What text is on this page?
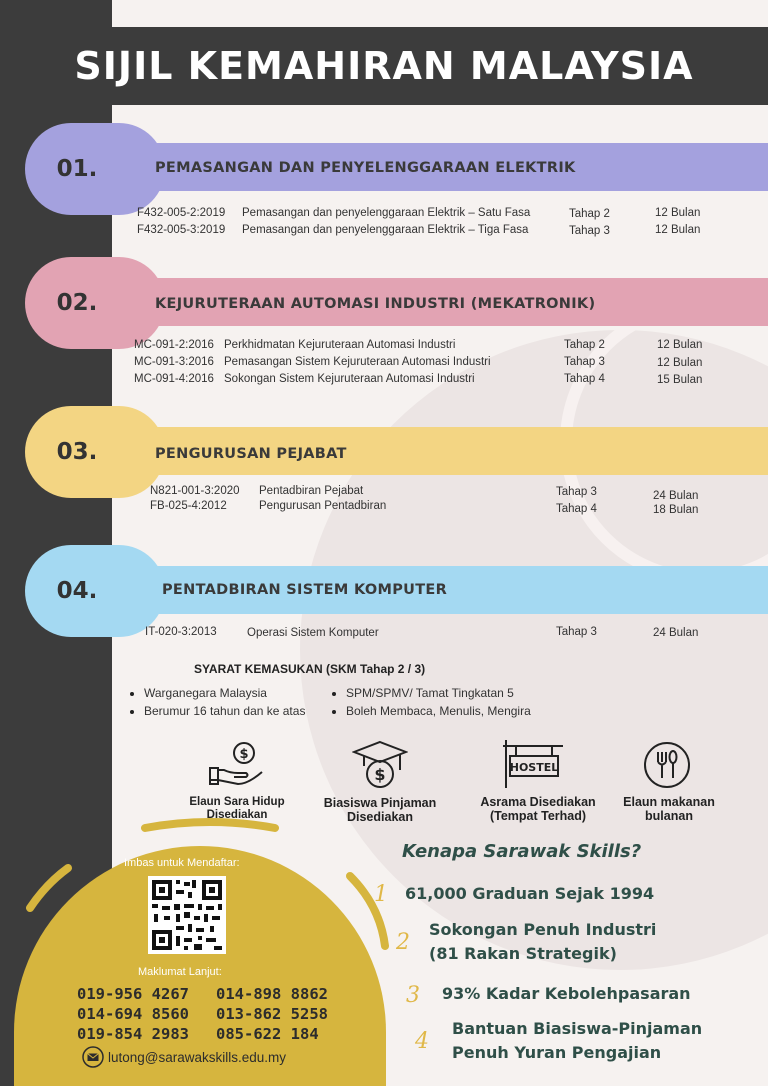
SIJIL KEMAHIRAN MALAYSIA
01.	PEMASANGAN DAN PENYELENGGARAAN ELEKTRIK
F432-005-2:2019 Pemasangan dan penyelenggaraan Elektrik – Satu Fasa	Tahap 2	12 Bulan
F432-005-3:2019 Pemasangan dan penyelenggaraan Elektrik – Tiga Fasa	Tahap 3	12 Bulan
02.	KEJURUTERAAN AUTOMASI INDUSTRI (MEKATRONIK)
MC-091-2:2016 Perkhidmatan Kejuruteraan Automasi Industri	Tahap 2	12 Bulan
MC-091-3:2016 Pemasangan Sistem Kejuruteraan Automasi Industri	Tahap 3	12 Bulan
MC-091-4:2016 Sokongan Sistem Kejuruteraan Automasi Industri	Tahap 4	15 Bulan
03.	PENGURUSAN PEJABAT
N821-001-3:2020 Pentadbiran Pejabat	Tahap 3	24 Bulan
FB-025-4:2012	Pengurusan Pentadbiran	Tahap 4	18 Bulan
04.	PENTADBIRAN SISTEM KOMPUTER
IT-020-3:2013	Operasi Sistem Komputer	Tahap 3	24 Bulan
SYARAT KEMASUKAN (SKM Tahap 2 / 3)
Warganegara Malaysia
Berumur 16 tahun dan ke atas
SPM/SPMV/ Tamat Tingkatan 5
Boleh Membaca, Menulis, Mengira
$
$	HOSTEL
Elaun Sara Hidup
Disediakan
Biasiswa Pinjaman
Disediakan
Asrama Disediakan
(Tempat Terhad)
Elaun makanan
bulanan
Imbas untuk Mendaftar:
Maklumat Lanjut:
019-956 4267 014-898 8862
014-694 8560 013-862 5258
019-854 2983 085-622 184
lutong@sarawakskills.edu.my
Kenapa Sarawak Skills?
1 61,000 Graduan Sejak 1994
2
Sokongan Penuh Industri
(81 Rakan Strategik)
3 93% Kadar Kebolehpasaran
4
Bantuan Biasiswa-Pinjaman
Penuh Yuran Pengajian
